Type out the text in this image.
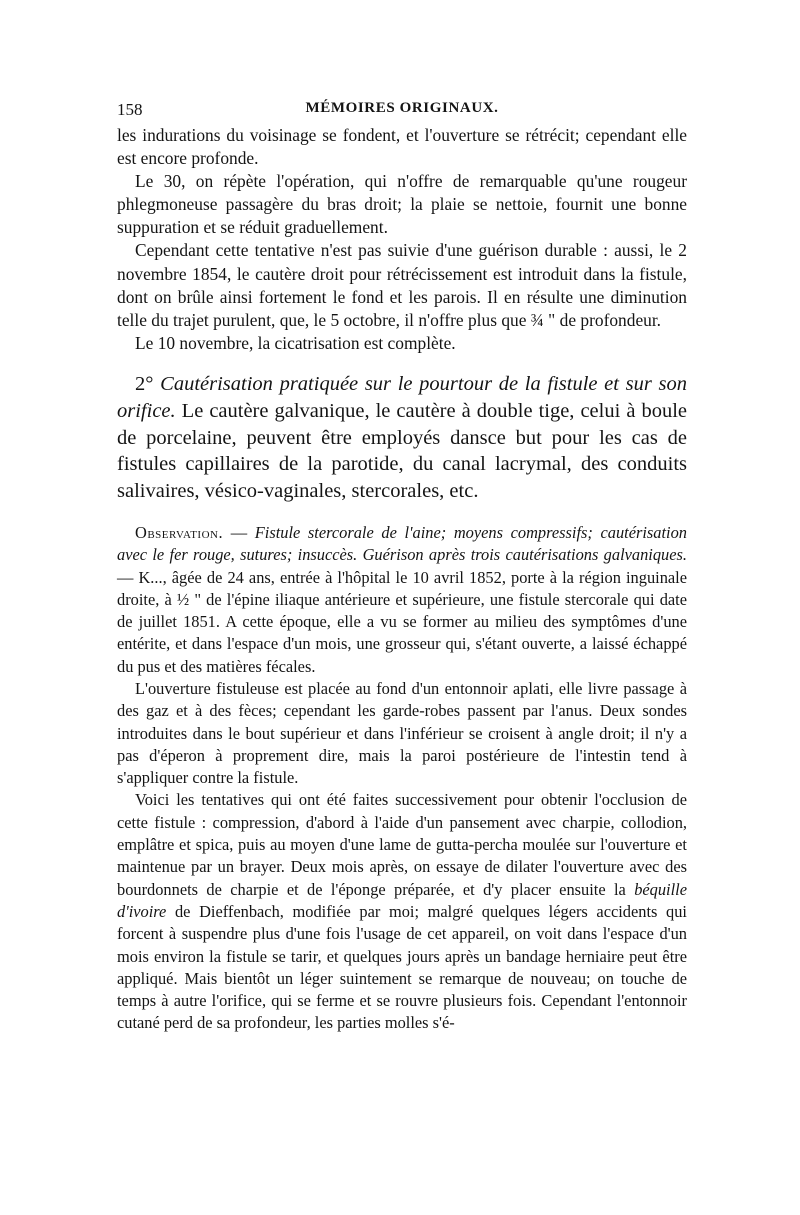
158	MÉMOIRES ORIGINAUX.

les indurations du voisinage se fondent, et l'ouverture se rétrécit; cependant elle est encore profonde.

Le 30, on répète l'opération, qui n'offre de remarquable qu'une rougeur phlegmoneuse passagère du bras droit; la plaie se nettoie, fournit une bonne suppuration et se réduit graduellement.

Cependant cette tentative n'est pas suivie d'une guérison durable : aussi, le 2 novembre 1854, le cautère droit pour rétrécissement est introduit dans la fistule, dont on brûle ainsi fortement le fond et les parois. Il en résulte une diminution telle du trajet purulent, que, le 5 octobre, il n'offre plus que ¾ " de profondeur.

Le 10 novembre, la cicatrisation est complète.

2° Cautérisation pratiquée sur le pourtour de la fistule et sur son orifice. Le cautère galvanique, le cautère à double tige, celui à boule de porcelaine, peuvent être employés dansce but pour les cas de fistules capillaires de la parotide, du canal lacrymal, des conduits salivaires, vésico-vaginales, stercorales, etc.

Observation. — Fistule stercorale de l'aine; moyens compressifs; cautérisation avec le fer rouge, sutures; insuccès. Guérison après trois cautérisations galvaniques. — K..., âgée de 24 ans, entrée à l'hôpital le 10 avril 1852, porte à la région inguinale droite, à ½ " de l'épine iliaque antérieure et supérieure, une fistule stercorale qui date de juillet 1851. A cette époque, elle a vu se former au milieu des symptômes d'une entérite, et dans l'espace d'un mois, une grosseur qui, s'étant ouverte, a laissé échappé du pus et des matières fécales.

L'ouverture fistuleuse est placée au fond d'un entonnoir aplati, elle livre passage à des gaz et à des fèces; cependant les garde-robes passent par l'anus. Deux sondes introduites dans le bout supérieur et dans l'inférieur se croisent à angle droit; il n'y a pas d'éperon à proprement dire, mais la paroi postérieure de l'intestin tend à s'appliquer contre la fistule.

Voici les tentatives qui ont été faites successivement pour obtenir l'occlusion de cette fistule : compression, d'abord à l'aide d'un pansement avec charpie, collodion, emplâtre et spica, puis au moyen d'une lame de gutta-percha moulée sur l'ouverture et maintenue par un brayer. Deux mois après, on essaye de dilater l'ouverture avec des bourdonnets de charpie et de l'éponge préparée, et d'y placer ensuite la béquille d'ivoire de Dieffenbach, modifiée par moi; malgré quelques légers accidents qui forcent à suspendre plus d'une fois l'usage de cet appareil, on voit dans l'espace d'un mois environ la fistule se tarir, et quelques jours après un bandage herniaire peut être appliqué. Mais bientôt un léger suintement se remarque de nouveau; on touche de temps à autre l'orifice, qui se ferme et se rouvre plusieurs fois. Cependant l'entonnoir cutané perd de sa profondeur, les parties molles s'é-
